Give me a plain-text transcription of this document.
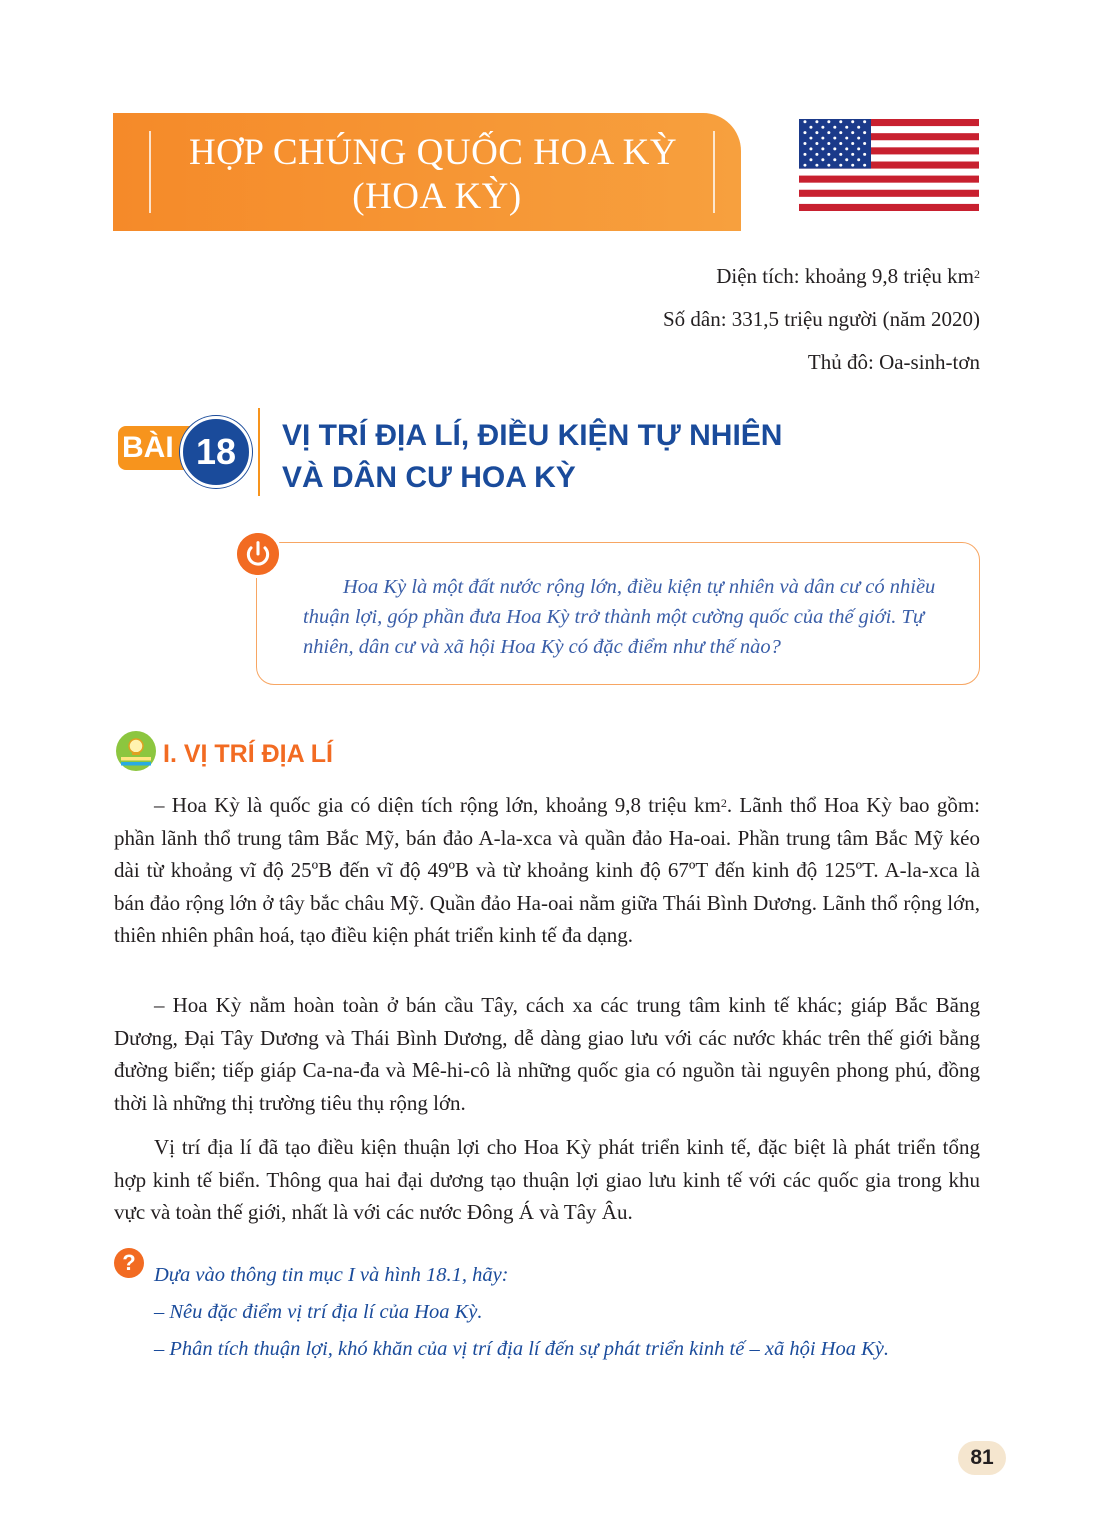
HỢP CHÚNG QUỐC HOA KỲ
(HOA KỲ)
Diện tích: khoảng 9,8 triệu $km^2$
Số dân: 331,5 triệu người (năm 2020)
Thủ đô: Oa-sinh-tơn
BÀI 18	VỊ TRÍ ĐỊA LÍ, ĐIỀU KIỆN TỰ NHIÊN
VÀ DÂN CƯ HOA KỲ
Hoa Kỳ là một đất nước rộng lớn, điều kiện tự nhiên và dân cư có nhiều thuận lợi, góp phần đưa Hoa Kỳ trở thành một cường quốc của thế giới. Tự nhiên, dân cư và xã hội Hoa Kỳ có đặc điểm như thế nào?
I. VỊ TRÍ ĐỊA LÍ
– Hoa Kỳ là quốc gia có diện tích rộng lớn, khoảng 9,8 triệu $km^2$. Lãnh thổ Hoa Kỳ bao gồm: phần lãnh thổ trung tâm Bắc Mỹ, bán đảo A-la-xca và quần đảo Ha-oai. Phần trung tâm Bắc Mỹ kéo dài từ khoảng vĩ độ 25ºB đến vĩ độ 49ºB và từ khoảng kinh độ 67ºT đến kinh độ 125ºT. A-la-xca là bán đảo rộng lớn ở tây bắc châu Mỹ. Quần đảo Ha-oai nằm giữa Thái Bình Dương. Lãnh thổ rộng lớn, thiên nhiên phân hoá, tạo điều kiện phát triển kinh tế đa dạng.
– Hoa Kỳ nằm hoàn toàn ở bán cầu Tây, cách xa các trung tâm kinh tế khác; giáp Bắc Băng Dương, Đại Tây Dương và Thái Bình Dương, dễ dàng giao lưu với các nước khác trên thế giới bằng đường biển; tiếp giáp Ca-na-đa và Mê-hi-cô là những quốc gia có nguồn tài nguyên phong phú, đồng thời là những thị trường tiêu thụ rộng lớn.
Vị trí địa lí đã tạo điều kiện thuận lợi cho Hoa Kỳ phát triển kinh tế, đặc biệt là phát triển tổng hợp kinh tế biển. Thông qua hai đại dương tạo thuận lợi giao lưu kinh tế với các quốc gia trong khu vực và toàn thế giới, nhất là với các nước Đông Á và Tây Âu.
? Dựa vào thông tin mục I và hình 18.1, hãy:
– Nêu đặc điểm vị trí địa lí của Hoa Kỳ.
– Phân tích thuận lợi, khó khăn của vị trí địa lí đến sự phát triển kinh tế – xã hội Hoa Kỳ.
81
